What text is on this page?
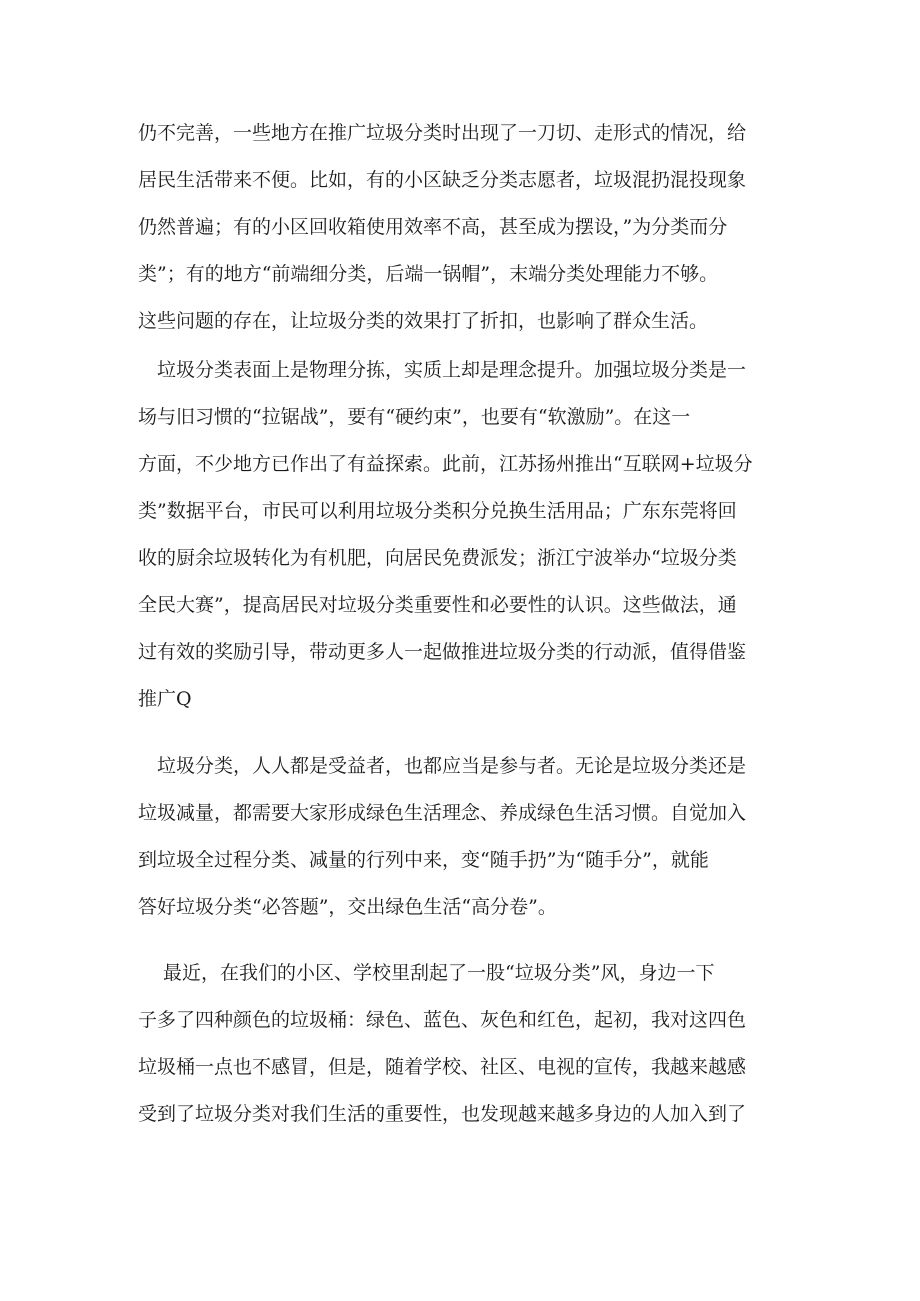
仍不完善，一些地方在推广垃圾分类时出现了一刀切、走形式的情况，给
居民生活带来不便。比如，有的小区缺乏分类志愿者，垃圾混扔混投现象
仍然普遍；有的小区回收箱使用效率不高，甚至成为摆设，”为分类而分
类”；有的地方“前端细分类，后端一锅帽”，末端分类处理能力不够。
这些问题的存在，让垃圾分类的效果打了折扣，也影响了群众生活。

　垃圾分类表面上是物理分拣，实质上却是理念提升。加强垃圾分类是一
场与旧习惯的“拉锯战”，要有“硬约束”，也要有“软激励”。在这一
方面，不少地方已作出了有益探索。此前，江苏扬州推出“互联网+垃圾分
类”数据平台，市民可以利用垃圾分类积分兑换生活用品；广东东莞将回
收的厨余垃圾转化为有机肥，向居民免费派发；浙江宁波举办“垃圾分类
全民大赛”，提高居民对垃圾分类重要性和必要性的认识。这些做法，通
过有效的奖励引导，带动更多人一起做推进垃圾分类的行动派，值得借鉴
推广Q

　垃圾分类，人人都是受益者，也都应当是参与者。无论是垃圾分类还是
垃圾减量，都需要大家形成绿色生活理念、养成绿色生活习惯。自觉加入
到垃圾全过程分类、减量的行列中来，变“随手扔”为“随手分”，就能
答好垃圾分类“必答题”，交出绿色生活“高分卷”。

　 最近，在我们的小区、学校里刮起了一股“垃圾分类”风，身边一下
子多了四种颜色的垃圾桶：绿色、蓝色、灰色和红色，起初，我对这四色
垃圾桶一点也不感冒，但是，随着学校、社区、电视的宣传，我越来越感
受到了垃圾分类对我们生活的重要性，也发现越来越多身边的人加入到了
